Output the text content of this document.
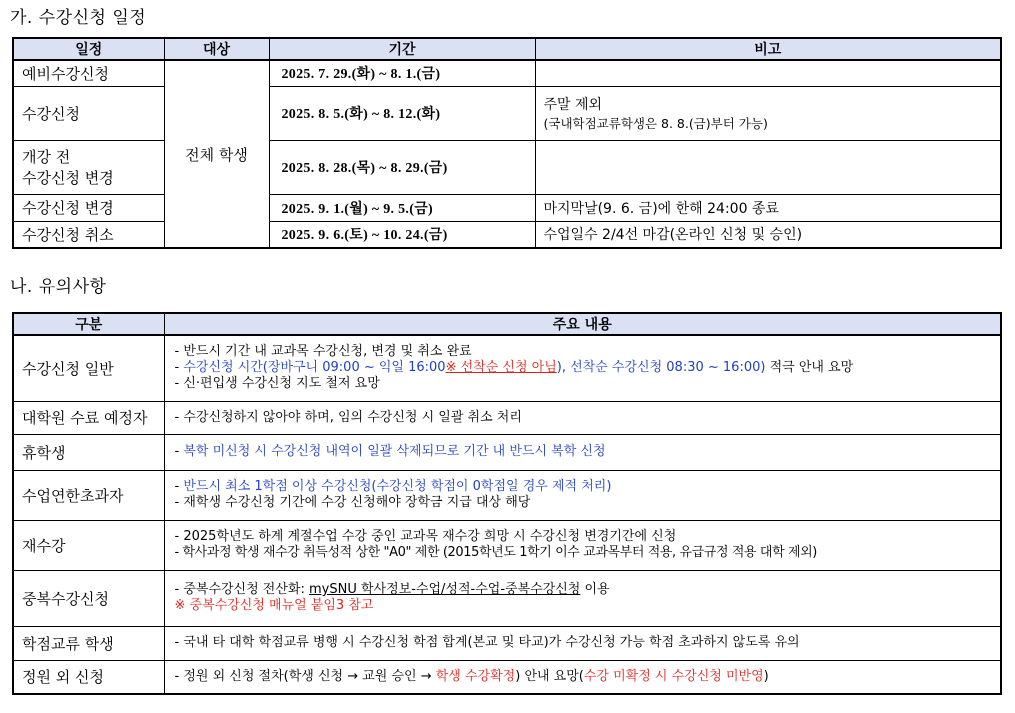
가. 수강신청 일정
일정	대상	기간	비고
예비수강신청	전체 학생	2025. 7. 29.(화) ~ 8. 1.(금)	
수강신청		2025. 8. 5.(화) ~ 8. 12.(화)	주말 제외
(국내학점교류학생은 8. 8.(금)부터 가능)

개강 전
수강신청 변경		2025. 8. 28.(목) ~ 8. 29.(금)	
수강신청 변경		2025. 9. 1.(월) ~ 9. 5.(금)	마지막날(9. 6. 금)에 한해 24:00 종료
수강신청 취소		2025. 9. 6.(토) ~ 10. 24.(금)	수업일수 2/4선 마감(온라인 신청 및 승인)
나. 유의사항
구분	주요 내용
수강신청 일반	- 반드시 기간 내 교과목 수강신청, 변경 및 취소 완료
- 수강신청 시간(장바구니 09:00 ~ 익일 16:00※ 선착순 신청 아님), 선착순 수강신청 08:30 ~ 16:00) 적극 안내 요망
- 신·편입생 수강신청 지도 철저 요망

대학원 수료 예정자	- 수강신청하지 않아야 하며, 임의 수강신청 시 일괄 취소 처리

휴학생	- 복학 미신청 시 수강신청 내역이 일괄 삭제되므로 기간 내 반드시 복학 신청

수업연한초과자	- 반드시 최소 1학점 이상 수강신청(수강신청 학점이 0학점일 경우 제적 처리)
- 재학생 수강신청 기간에 수강 신청해야 장학금 지급 대상 해당

재수강	- 2025학년도 하계 계절수업 수강 중인 교과목 재수강 희망 시 수강신청 변경기간에 신청
- 학사과정 학생 재수강 취득성적 상한 "A0" 제한 (2015학년도 1학기 이수 교과목부터 적용, 유급규정 적용 대학 제외)

중복수강신청	- 중복수강신청 전산화: mySNU 학사정보-수업/성적-수업-중복수강신청 이용
※ 중복수강신청 매뉴얼 붙임3 참고

학점교류 학생	- 국내 타 대학 학점교류 병행 시 수강신청 학점 합계(본교 및 타교)가 수강신청 가능 학점 초과하지 않도록 유의

정원 외 신청	- 정원 외 신청 절차(학생 신청 → 교원 승인 → 학생 수강확정) 안내 요망(수강 미확정 시 수강신청 미반영)
